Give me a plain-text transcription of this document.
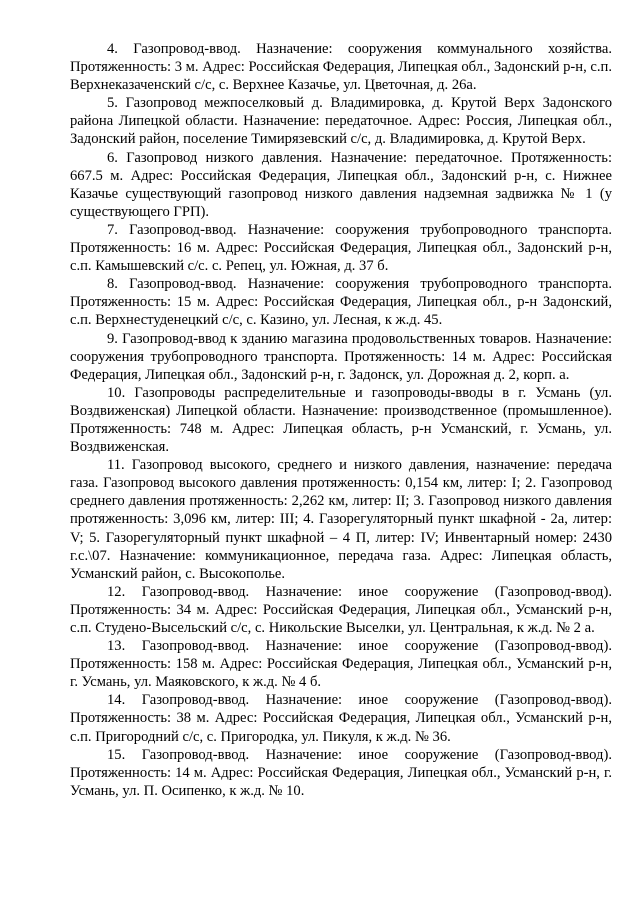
4. Газопровод-ввод. Назначение: сооружения коммунального хозяйства. Протяженность: 3 м. Адрес: Российская Федерация, Липецкая обл., Задонский р-н, с.п. Верхнеказаченский с/с, с. Верхнее Казачье, ул. Цветочная, д. 26а.

5. Газопровод межпоселковый д. Владимировка, д. Крутой Верх Задонского района Липецкой области. Назначение: передаточное. Адрес: Россия, Липецкая обл., Задонский район, поселение Тимирязевский с/с, д. Владимировка, д. Крутой Верх.

6. Газопровод низкого давления. Назначение: передаточное. Протяженность: 667.5 м. Адрес: Российская Федерация, Липецкая обл., Задонский р-н, с. Нижнее Казачье существующий газопровод низкого давления надземная задвижка № 1 (у существующего ГРП).

7. Газопровод-ввод. Назначение: сооружения трубопроводного транспорта. Протяженность: 16 м. Адрес: Российская Федерация, Липецкая обл., Задонский р-н, с.п. Камышевский с/с. с. Репец, ул. Южная, д. 37 б.

8. Газопровод-ввод. Назначение: сооружения трубопроводного транспорта. Протяженность: 15 м. Адрес: Российская Федерация, Липецкая обл., р-н Задонский, с.п. Верхнестуденецкий с/с, с. Казино, ул. Лесная, к ж.д. 45.

9. Газопровод-ввод к зданию магазина продовольственных товаров. Назначение: сооружения трубопроводного транспорта. Протяженность: 14 м. Адрес: Российская Федерация, Липецкая обл., Задонский р-н, г. Задонск, ул. Дорожная д. 2, корп. а.

10. Газопроводы распределительные и газопроводы-вводы в г. Усмань (ул. Воздвиженская) Липецкой области. Назначение: производственное (промышленное). Протяженность: 748 м. Адрес: Липецкая область, р-н Усманский, г. Усмань, ул. Воздвиженская.

11. Газопровод высокого, среднего и низкого давления, назначение: передача газа. Газопровод высокого давления протяженность: 0,154 км, литер: I; 2. Газопровод среднего давления протяженность: 2,262 км, литер: II; 3. Газопровод низкого давления протяженность: 3,096 км, литер: III; 4. Газорегуляторный пункт шкафной - 2а, литер: V; 5. Газорегуляторный пункт шкафной – 4 П, литер: IV; Инвентарный номер: 2430 г.с.\07. Назначение: коммуникационное, передача газа. Адрес: Липецкая область, Усманский район, с. Высокополье.

12. Газопровод-ввод. Назначение: иное сооружение (Газопровод-ввод). Протяженность: 34 м. Адрес: Российская Федерация, Липецкая обл., Усманский р-н, с.п. Студено-Высельский с/с, с. Никольские Выселки, ул. Центральная, к ж.д. № 2 а.

13. Газопровод-ввод. Назначение: иное сооружение (Газопровод-ввод). Протяженность: 158 м. Адрес: Российская Федерация, Липецкая обл., Усманский р-н, г. Усмань, ул. Маяковского, к ж.д. № 4 б.

14. Газопровод-ввод. Назначение: иное сооружение (Газопровод-ввод). Протяженность: 38 м. Адрес: Российская Федерация, Липецкая обл., Усманский р-н, с.п. Пригородний с/с, с. Пригородка, ул. Пикуля, к ж.д. № 36.

15. Газопровод-ввод. Назначение: иное сооружение (Газопровод-ввод). Протяженность: 14 м. Адрес: Российская Федерация, Липецкая обл., Усманский р-н, г. Усмань, ул. П. Осипенко, к ж.д. № 10.
